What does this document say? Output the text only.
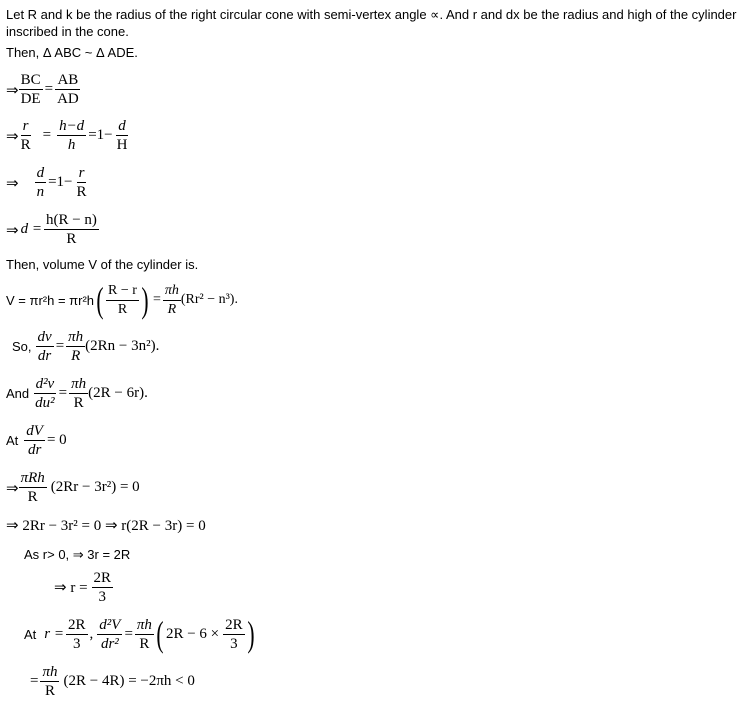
Let R and k be the radius of the right circular cone with semi-vertex angle ∝. And r and dx be the radius and high of the cylinder
inscribed in the cone.
Then, Δ ABC ~ Δ ADE.
⇒ $\frac{BC}{DE} = \frac{AB}{AD}$
⇒ $\frac{r}{R} = \frac{h-d}{h} =1- \frac{d}{H}$
⇒ $\frac{d}{n} =1- \frac{r}{R}$
⇒ $d = \frac{h(R - n)}{R}$
Then, volume V of the cylinder is.
V = πr²h = πr²h ( $\frac{R - r}{R}$ ) = $\frac{\pi h}{R} (Rr^2 - n^3)$.
So, $\frac{dv}{dr} = \frac{\pi h}{R} (2Rn - 3n^2)$.
And $\frac{\text{d²v}}{\text{du²}} = \frac{\pi h}{R} (2R - 6r)$.
At $\frac{dV}{dr} = 0$
⇒ $\frac{\text{πRh}}{R} (2Rr - 3r^2) = 0$
⇒ 2Rr − 3r² = 0 ⇒ r(2R − 3r) = 0
As r> 0, ⇒ 3r = 2R
⇒ $r = \frac{2R}{3}$
At $r = \frac{2R}{3}$ , $\frac{\text{d²V}}{\text{dr²}} = \frac{\pi h}{R}$ ( $2R - 6 \times \frac{2R}{3}$ )
= $\frac{\pi h}{R} (2R - 4R) = -2\pi h < 0$
